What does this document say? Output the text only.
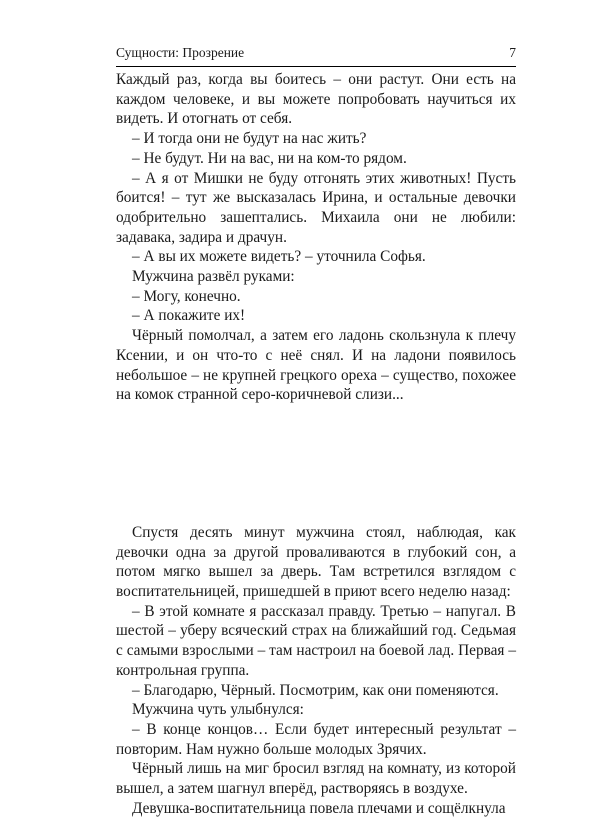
Сущности: Прозрение	7

Каждый раз, когда вы боитесь – они растут. Они есть на каждом человеке, и вы можете попробовать научиться их видеть. И отогнать от себя.

– И тогда они не будут на нас жить?

– Не будут. Ни на вас, ни на ком-то рядом.

– А я от Мишки не буду отгонять этих животных! Пусть боится! – тут же высказалась Ирина, и остальные девочки одобрительно зашептались. Михаила они не любили: задавака, задира и драчун.

– А вы их можете видеть? – уточнила Софья.

Мужчина развёл руками:

– Могу, конечно.

– А покажите их!

Чёрный помолчал, а затем его ладонь скользнула к плечу Ксении, и он что-то с неё снял. И на ладони появилось небольшое – не крупней грецкого ореха – существо, похожее на комок странной серо-коричневой слизи...

Спустя десять минут мужчина стоял, наблюдая, как девочки одна за другой проваливаются в глубокий сон, а потом мягко вышел за дверь. Там встретился взглядом с воспитательницей, пришедшей в приют всего неделю назад:

– В этой комнате я рассказал правду. Третью – напугал. В шестой – уберу всяческий страх на ближайший год. Седьмая с самыми взрослыми – там настроил на боевой лад. Первая – контрольная группа.

– Благодарю, Чёрный. Посмотрим, как они поменяются.

Мужчина чуть улыбнулся:

– В конце концов… Если будет интересный результат – повторим. Нам нужно больше молодых Зрячих.

Чёрный лишь на миг бросил взгляд на комнату, из которой вышел, а затем шагнул вперёд, растворяясь в воздухе.

Девушка-воспитательница повела плечами и сощёлкнула
